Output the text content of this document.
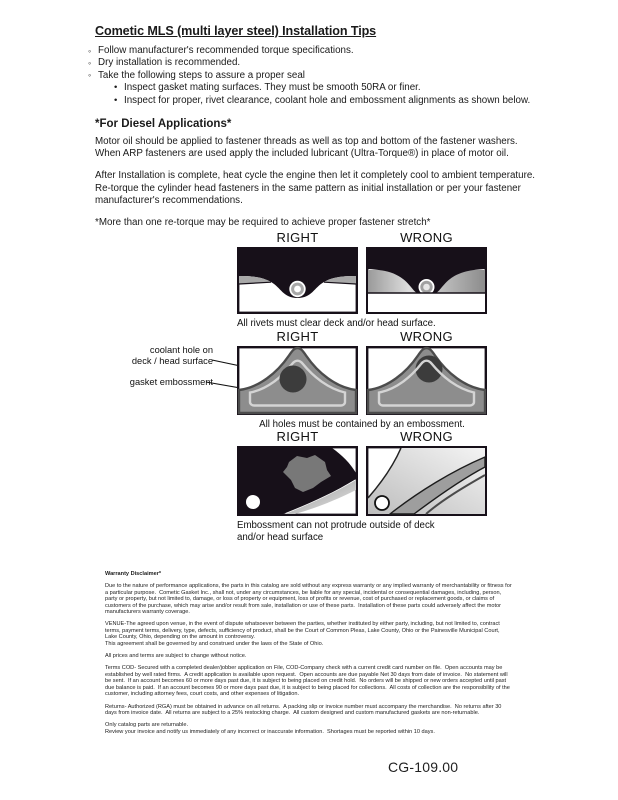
Cometic MLS (multi layer steel) Installation Tips
◦ Follow manufacturer's recommended torque specifications.
◦ Dry installation is recommended.
◦ Take the following steps to assure a proper seal
• Inspect gasket mating surfaces. They must be smooth 50RA or finer.
• Inspect for proper, rivet clearance, coolant hole and embossment alignments as shown below.
*For Diesel Applications*

Motor oil should be applied to fastener threads as well as top and bottom of the fastener washers. When ARP fasteners are used apply the included lubricant (Ultra-Torque®) in place of motor oil.

After Installation is complete, heat cycle the engine then let it completely cool to ambient temperature. Re-torque the cylinder head fasteners in the same pattern as initial installation or per your fastener manufacturer's recommendations.

*More than one re-torque may be required to achieve proper fastener stretch*

RIGHT	WRONG
All rivets must clear deck and/or head surface.
coolant hole on
deck / head surface
gasket embossment
RIGHT	WRONG
All holes must be contained by an embossment.
RIGHT	WRONG
Embossment can not protrude outside of deck
and/or head surface

Warranty Disclaimer*

Due to the nature of performance applications, the parts in this catalog are sold without any express warranty or any implied warranty of merchantability or fitness for a particular purpose.  Cometic Gasket Inc., shall not, under any circumstances, be liable for any special, incidental or consequential damages, including, person, party or property, but not limited to, damage, or loss of property or equipment, loss of profits or revenue, cost of purchased or replacement goods, or claims of customers of the purchase, which may arise and/or result from sale, installation or use of these parts.  Installation of these parts could adversely affect the motor manufacturers warranty coverage.

VENUE-The agreed upon venue, in the event of dispute whatsoever between the parties, whether instituted by either party, including, but not limited to, contract terms, payment terms, delivery, type, defects, sufficiency of product, shall be the Court of Common Pleas, Lake County, Ohio or the Painesville Municipal Court, Lake County, Ohio, depending on the amount in controversy.

This agreement shall be governed by and construed under the laws of the State of Ohio.

All prices and terms are subject to change without notice.

Terms COD- Secured with a completed dealer/jobber application on File, COD-Company check with a current credit card number on file.  Open accounts may be established by well rated firms.  A credit application is available upon request.  Open accounts are due payable Net 30 days from date of invoice.  No statement will be sent.  If an account becomes 60 or more days past due, it is subject to being placed on credit hold.  No orders will be shipped or new orders accepted until past due balance is paid.  If an account becomes 90 or more days past due, it is subject to being placed for collections.  All costs of collection are the responsibility of the customer, including attorney fees, court costs, and other expenses of litigation.

Returns- Authorized (RGA) must be obtained in advance on all returns.  A packing slip or invoice number must accompany the merchandise.  No returns after 30 days from invoice date.  All returns are subject to a 25% restocking charge.  All custom designed and custom manufactured gaskets are non-returnable.

Only catalog parts are returnable.

Review your invoice and notify us immediately of any incorrect or inaccurate information.  Shortages must be reported within 10 days.

CG-109.00
